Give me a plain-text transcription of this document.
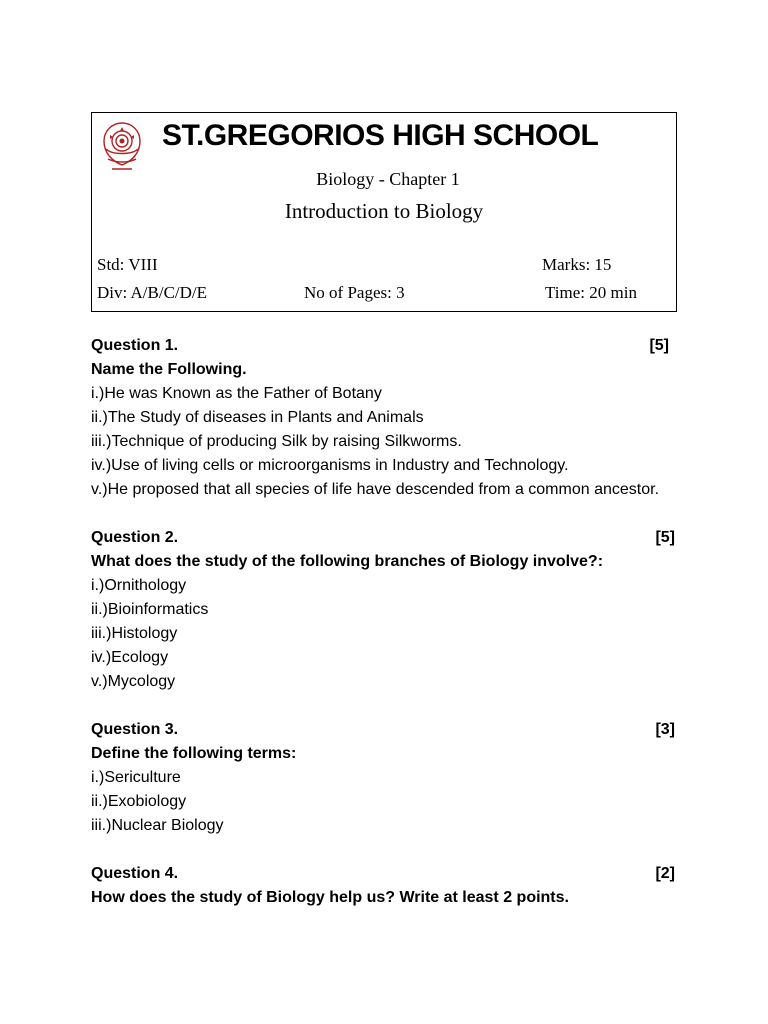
ST.GREGORIOS HIGH SCHOOL
Biology - Chapter 1
Introduction to Biology
Std: VIII	Marks: 15
Div: A/B/C/D/E	No of Pages: 3	Time: 20 min
Question 1.	[5]
Name the Following.
i.)He was Known as the Father of Botany
ii.)The Study of diseases in Plants and Animals
iii.)Technique of producing Silk by raising Silkworms.
iv.)Use of living cells or microorganisms in Industry and Technology.
v.)He proposed that all species of life have descended from a common ancestor.
Question 2.	[5]
What does the study of the following branches of Biology involve?:
i.)Ornithology
ii.)Bioinformatics
iii.)Histology
iv.)Ecology
v.)Mycology
Question 3.	[3]
Define the following terms:
i.)Sericulture
ii.)Exobiology
iii.)Nuclear Biology
Question 4.	[2]
How does the study of Biology help us? Write at least 2 points.
